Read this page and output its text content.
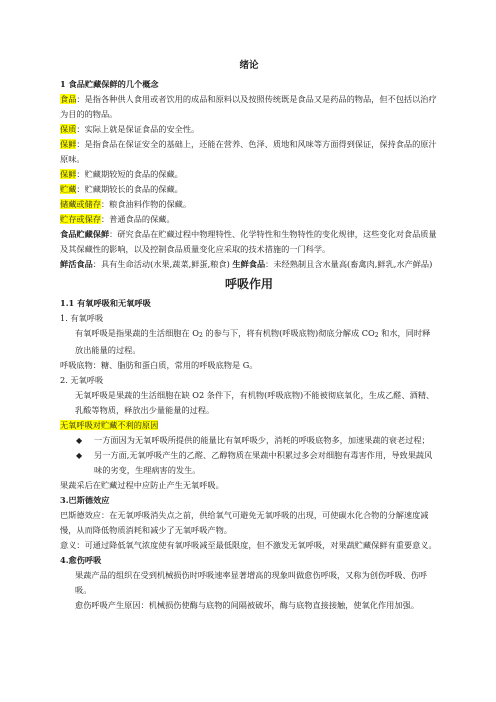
绪论
1 食品贮藏保鲜的几个概念
食品：是指各种供人食用或者饮用的成品和原料以及按照传统既是食品又是药品的物品，但不包括以治疗为目的的物品。
保质：实际上就是保证食品的安全性。
保鲜：是指食品在保证安全的基础上，还能在营养、色泽、质地和风味等方面得到保证，保持食品的原汁原味。
保鲜：贮藏期较短的食品的保藏。
贮藏：贮藏期较长的食品的保藏。
储藏或储存：粮食油料作物的保藏。
贮存或保存：普通食品的保藏。
食品贮藏保鲜：研究食品在贮藏过程中物理特性、化学特性和生物特性的变化规律，这些变化对食品质量及其保藏性的影响，以及控制食品质量变化应采取的技术措施的一门科学。
鲜活食品：具有生命活动(水果,蔬菜,鲜蛋,粮食) 生鲜食品：未经熟制且含水量高(畜禽肉,鲜乳,水产鲜品)
呼吸作用
1.1 有氧呼吸和无氧呼吸
1. 有氧呼吸
有氧呼吸是指果蔬的生活细胞在 O2 的参与下，将有机物(呼吸底物)彻底分解成 CO2 和水，同时释放出能量的过程。
呼吸底物：糖、脂肪和蛋白质，常用的呼吸底物是 G。
2. 无氧呼吸
无氧呼吸是果蔬的生活细胞在缺 O2 条件下，有机物(呼吸底物)不能被彻底氧化，生成乙醛、酒精、乳酸等物质，释放出少量能量的过程。
无氧呼吸对贮藏不利的原因
◆ 一方面因为无氧呼吸所提供的能量比有氧呼吸少，消耗的呼吸底物多，加速果蔬的衰老过程；
◆ 另一方面,无氧呼吸产生的乙醛、乙醇物质在果蔬中积累过多会对细胞有毒害作用，导致果蔬风味的劣变，生理病害的发生。
果蔬采后在贮藏过程中应防止产生无氧呼吸。
3.巴斯德效应
巴斯德效应：在无氧呼吸消失点之前，供给氧气可避免无氧呼吸的出现，可使碳水化合物的分解速度减慢，从而降低物质消耗和减少了无氧呼吸产物。
意义：可通过降低氧气浓度使有氧呼吸减至最低限度，但不激发无氧呼吸，对果蔬贮藏保鲜有重要意义。
4.愈伤呼吸
果蔬产品的组织在受到机械损伤时呼吸速率显著增高的现象叫做愈伤呼吸，又称为创伤呼吸、伤呼吸。
愈伤呼吸产生原因：机械损伤使酶与底物的间隔被破坏，酶与底物直接接触，使氧化作用加强。
